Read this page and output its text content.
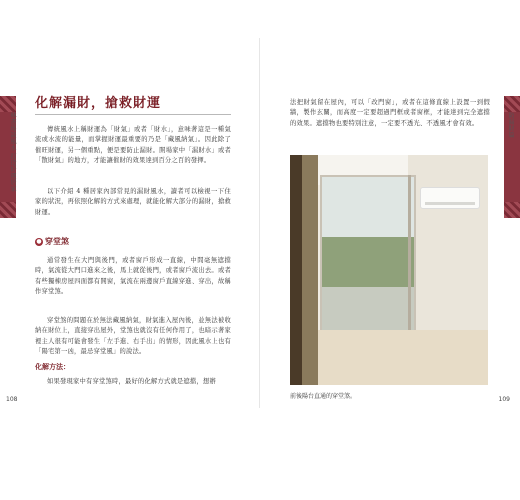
林書瑤談風水 打造好運居家
化解漏財，搶救財運

傳統風水上稱財運為「財氣」或者「財水」，意味著這是一種氣流或水流的能量，而掌握財運最重要的乃是「藏風納氣」。因此除了催旺財運，另一個重點，便是要防止漏財。開場家中「漏財水」或者「散財氣」的地方，才能讓催財的效果達到百分之百的發揮。

以下介紹 4 種居家內部常見的漏財風水，讀者可以檢視一下住家的狀況，再依照化解的方式來處理，就能化解大部分的漏財，搶救財運。

● 穿堂煞

通常發生在大門與後門，或者窗戶形成一直線，中間毫無遮擋時，氣流從大門口進來之後，馬上就從後門，或者窗戶流出去。或者有些獨棟房屋四面都有開窗，氣流在兩邊窗戶直線穿進、穿出，故稱作穿堂煞。

穿堂煞的問題在於無法藏風納氣，財氣進入屋內後，並無法被收納在財位上，直接穿出屋外，堂煞也就沒有任何作用了，也暗示著家裡主人很有可能會發生「左手進、右手出」的情形，因此風水上也有「陽宅第一凶，最忌穿堂風」的說法。

化解方法：

如果發現家中有穿堂煞時，最好的化解方式就是遮擋，想辦

108
防漏財篇

法把財氣留在屋內，可以「改門窗」，或者在這條直線上設置一到假牆，製作玄關，而高度一定要超過門框或者窗框，才能達到完全遮擋的效果。遮擋物也要特別注意，一定要不透光、不透風才會有效。

前後陽台直通的穿堂煞。	109
